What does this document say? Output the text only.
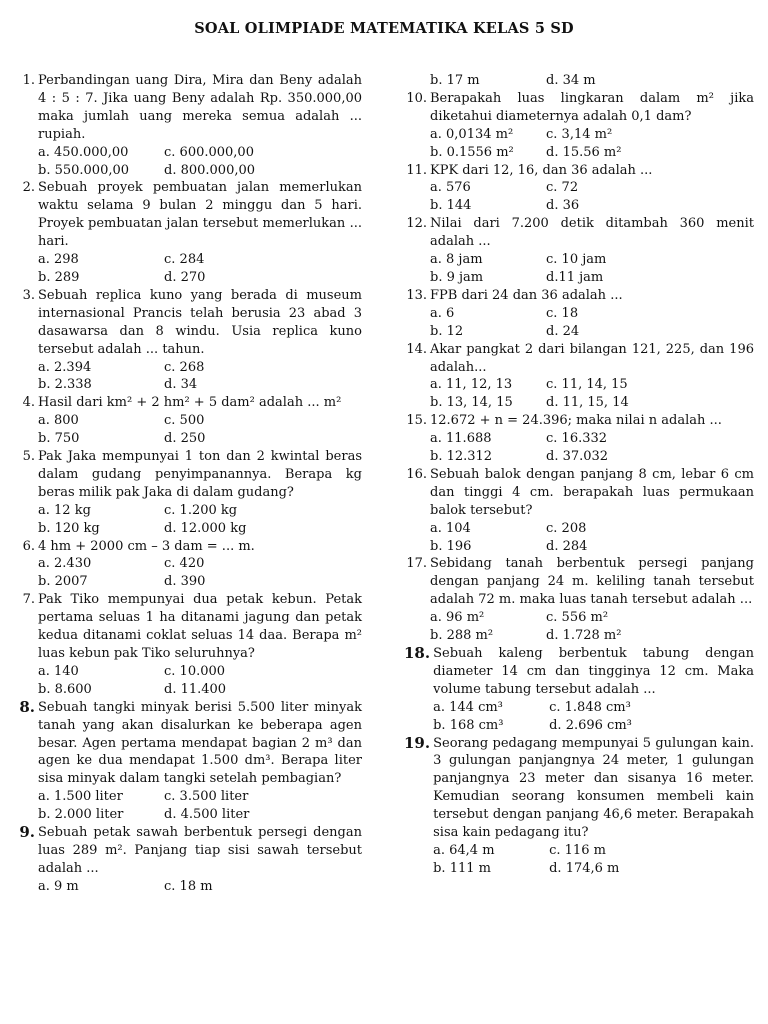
SOAL OLIMPIADE MATEMATIKA KELAS 5 SD
1. Perbandingan uang Dira, Mira dan Beny adalah 4 : 5 : 7. Jika uang Beny adalah Rp. 350.000,00 maka jumlah uang mereka semua adalah ... rupiah.
a. 450.000,00	c. 600.000,00
b. 550.000,00	d. 800.000,00
2. Sebuah proyek pembuatan jalan memerlukan waktu selama 9 bulan 2 minggu dan 5 hari. Proyek pembuatan jalan tersebut memerlukan ... hari.
a. 298	c. 284
b. 289	d. 270
3. Sebuah replica kuno yang berada di museum internasional Prancis telah berusia 23 abad 3 dasawarsa dan 8 windu. Usia replica kuno tersebut adalah ... tahun.
a. 2.394	c. 268
b. 2.338	d. 34
4. Hasil dari km² + 2 hm² + 5 dam² adalah ... m²
a. 800	c. 500
b. 750	d. 250
5. Pak Jaka mempunyai 1 ton dan 2 kwintal beras dalam gudang penyimpanannya. Berapa kg beras milik pak Jaka di dalam gudang?
a. 12 kg	c. 1.200 kg
b. 120 kg	d. 12.000 kg
6. 4 hm + 2000 cm – 3 dam = ... m.
a. 2.430	c. 420
b. 2007	d. 390
7. Pak Tiko mempunyai dua petak kebun. Petak pertama seluas 1 ha ditanami jagung dan petak kedua ditanami coklat seluas 14 daa. Berapa m² luas kebun pak Tiko seluruhnya?
a. 140	c. 10.000
b. 8.600	d. 11.400
8. Sebuah tangki minyak berisi 5.500 liter minyak tanah yang akan disalurkan ke beberapa agen besar. Agen pertama mendapat bagian 2 m³ dan agen ke dua mendapat 1.500 dm³. Berapa liter sisa minyak dalam tangki setelah pembagian?
a. 1.500 liter	c. 3.500 liter
b. 2.000 liter	d. 4.500 liter
9. Sebuah petak sawah berbentuk persegi dengan luas 289 m². Panjang tiap sisi sawah tersebut adalah ...
a. 9 m	c. 18 m
b. 17 m	d. 34 m
10. Berapakah luas lingkaran dalam m² jika diketahui diameternya adalah 0,1 dam?
a. 0,0134 m²	c. 3,14 m²
b. 0.1556 m²	d. 15.56 m²
11. KPK dari 12, 16, dan 36 adalah ...
a. 576	c. 72
b. 144	d. 36
12. Nilai dari 7.200 detik ditambah 360 menit adalah ...
a. 8 jam	c. 10 jam
b. 9 jam	d.11 jam
13. FPB dari 24 dan 36 adalah ...
a. 6	c. 18
b. 12	d. 24
14. Akar pangkat 2 dari bilangan 121, 225, dan 196 adalah...
a. 11, 12, 13	c. 11, 14, 15
b. 13, 14, 15	d. 11, 15, 14
15. 12.672 + n = 24.396; maka nilai n adalah ...
a. 11.688	c. 16.332
b. 12.312	d. 37.032
16. Sebuah balok dengan panjang 8 cm, lebar 6 cm dan tinggi 4 cm. berapakah luas permukaan balok tersebut?
a. 104	c. 208
b. 196	d. 284
17. Sebidang tanah berbentuk persegi panjang dengan panjang 24 m. keliling tanah tersebut adalah 72 m. maka luas tanah tersebut adalah ...
a. 96 m²	c. 556 m²
b. 288 m²	d. 1.728 m²
18. Sebuah kaleng berbentuk tabung dengan diameter 14 cm dan tingginya 12 cm. Maka volume tabung tersebut adalah ...
a. 144 cm³	c. 1.848 cm³
b. 168 cm³	d. 2.696 cm³
19. Seorang pedagang mempunyai 5 gulungan kain. 3 gulungan panjangnya 24 meter, 1 gulungan panjangnya 23 meter dan sisanya 16 meter. Kemudian seorang konsumen membeli kain tersebut dengan panjang 46,6 meter. Berapakah sisa kain pedagang itu?
a. 64,4 m	c. 116 m
b. 111 m	d. 174,6 m
